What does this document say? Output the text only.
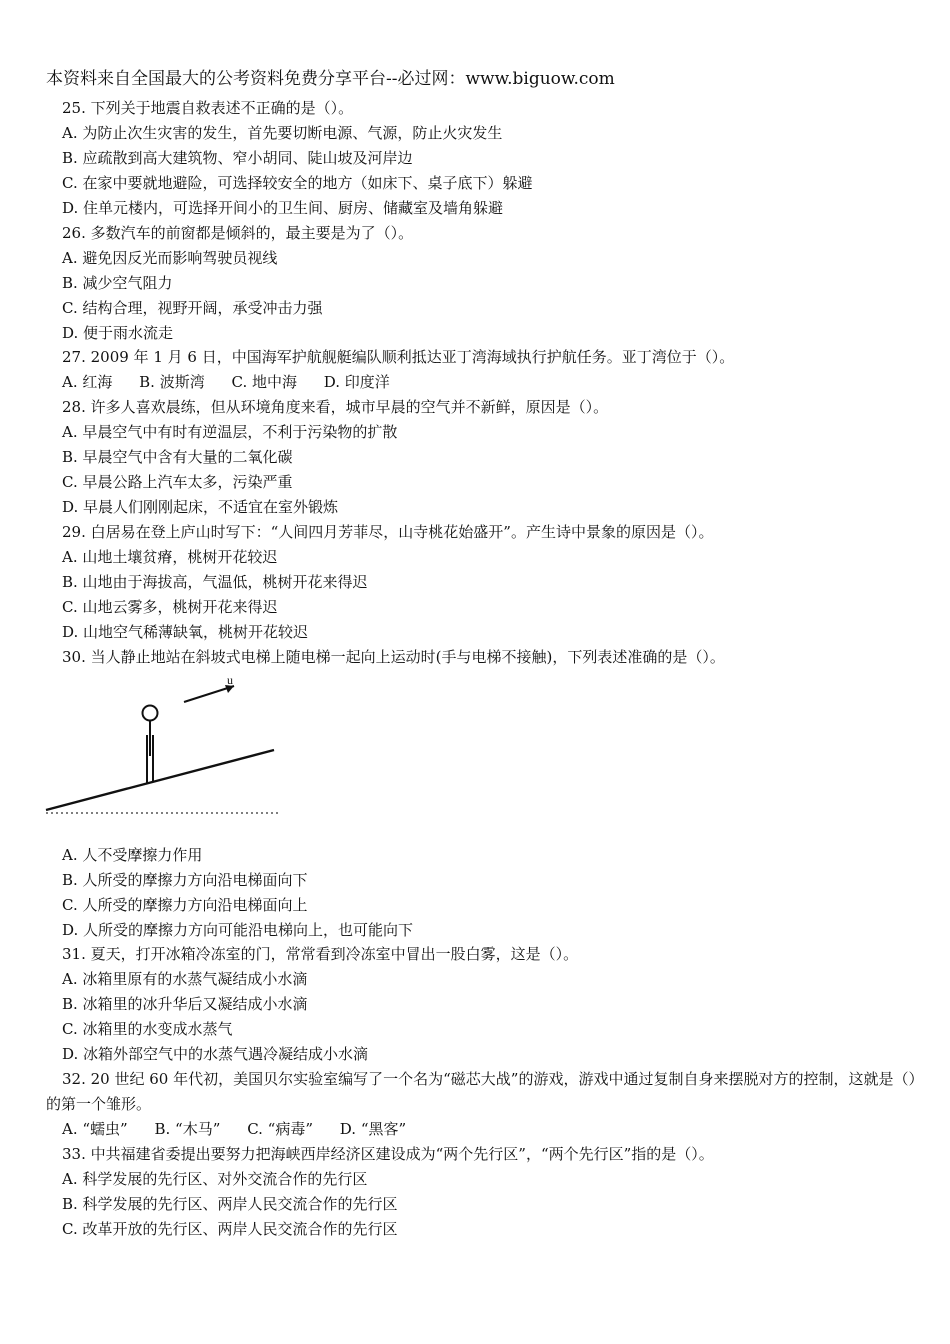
本资料来自全国最大的公考资料免费分享平台--必过网：www.biguow.com
25. 下列关于地震自救表述不正确的是（）。
A. 为防止次生灾害的发生，首先要切断电源、气源，防止火灾发生
B. 应疏散到高大建筑物、窄小胡同、陡山坡及河岸边
C. 在家中要就地避险，可选择较安全的地方（如床下、桌子底下）躲避
D. 住单元楼内，可选择开间小的卫生间、厨房、储藏室及墙角躲避
26. 多数汽车的前窗都是倾斜的，最主要是为了（）。
A. 避免因反光而影响驾驶员视线
B. 减少空气阻力
C. 结构合理，视野开阔，承受冲击力强
D. 便于雨水流走
27. 2009 年 1 月 6 日，中国海军护航舰艇编队顺利抵达亚丁湾海域执行护航任务。亚丁湾位于（）。
A. 红海 B. 波斯湾 C. 地中海 D. 印度洋
28. 许多人喜欢晨练，但从环境角度来看，城市早晨的空气并不新鲜，原因是（）。
A. 早晨空气中有时有逆温层，不利于污染物的扩散
B. 早晨空气中含有大量的二氧化碳
C. 早晨公路上汽车太多，污染严重
D. 早晨人们刚刚起床，不适宜在室外锻炼
29. 白居易在登上庐山时写下：“人间四月芳菲尽，山寺桃花始盛开”。产生诗中景象的原因是（）。
A. 山地土壤贫瘠，桃树开花较迟
B. 山地由于海拔高，气温低，桃树开花来得迟
C. 山地云雾多，桃树开花来得迟
D. 山地空气稀薄缺氧，桃树开花较迟
30. 当人静止地站在斜坡式电梯上随电梯一起向上运动时(手与电梯不接触)，下列表述准确的是（）。
u
A. 人不受摩擦力作用
B. 人所受的摩擦力方向沿电梯面向下
C. 人所受的摩擦力方向沿电梯面向上
D. 人所受的摩擦力方向可能沿电梯向上，也可能向下
31. 夏天，打开冰箱冷冻室的门，常常看到冷冻室中冒出一股白雾，这是（）。
A. 冰箱里原有的水蒸气凝结成小水滴
B. 冰箱里的冰升华后又凝结成小水滴
C. 冰箱里的水变成水蒸气
D. 冰箱外部空气中的水蒸气遇冷凝结成小水滴
32. 20 世纪 60 年代初，美国贝尔实验室编写了一个名为“磁芯大战”的游戏，游戏中通过复制自身来摆脱对方的控制，这就是（）的第一个雏形。
A. “蠕虫” B. “木马” C. “病毒” D. “黑客”
33. 中共福建省委提出要努力把海峡西岸经济区建设成为“两个先行区”，“两个先行区”指的是（）。
A. 科学发展的先行区、对外交流合作的先行区
B. 科学发展的先行区、两岸人民交流合作的先行区
C. 改革开放的先行区、两岸人民交流合作的先行区
